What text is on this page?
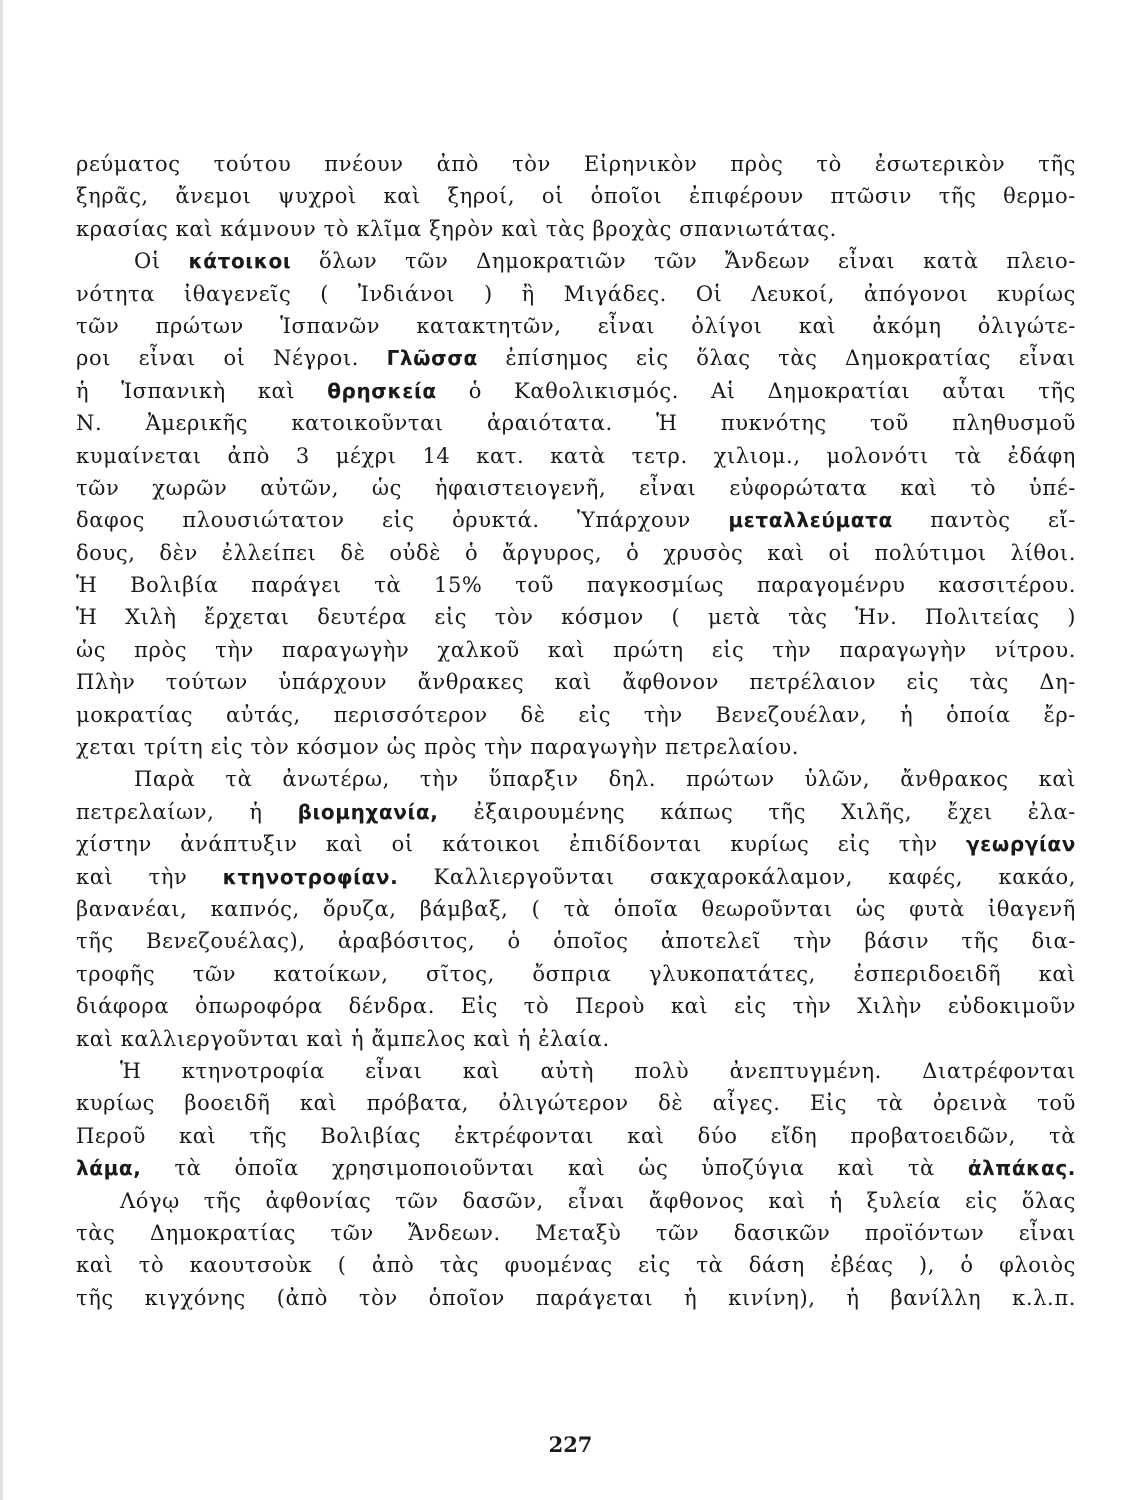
ρεύματος τούτου πνέουν ἀπὸ τὸν Εἰρηνικὸν πρὸς τὸ ἐσωτερικὸν τῆς
ξηρᾶς, ἄνεμοι ψυχροὶ καὶ ξηροί, οἱ ὁποῖοι ἐπιφέρουν πτῶσιν τῆς θερμο-
κρασίας καὶ κάμνουν τὸ κλῖμα ξηρὸν καὶ τὰς βροχὰς σπανιωτάτας.
Οἱ κάτοικοι ὅλων τῶν Δημοκρατιῶν τῶν Ἄνδεων εἶναι κατὰ πλειο-
νότητα ἰθαγενεῖς ( Ἰνδιάνοι ) ἢ Μιγάδες. Οἱ Λευκοί, ἀπόγονοι κυρίως
τῶν πρώτων Ἱσπανῶν κατακτητῶν, εἶναι ὀλίγοι καὶ ἀκόμη ὀλιγώτε-
ροι εἶναι οἱ Νέγροι. Γλῶσσα ἐπίσημος εἰς ὅλας τὰς Δημοκρατίας εἶναι
ἡ Ἱσπανικὴ καὶ θρησκεία ὁ Καθολικισμός. Αἱ Δημοκρατίαι αὗται τῆς
Ν. Ἀμερικῆς κατοικοῦνται ἀραιότατα. Ἡ πυκνότης τοῦ πληθυσμοῦ
κυμαίνεται ἀπὸ 3 μέχρι 14 κατ. κατὰ τετρ. χιλιομ., μολονότι τὰ ἐδάφη
τῶν χωρῶν αὐτῶν, ὡς ἡφαιστειογενῆ, εἶναι εὐφορώτατα καὶ τὸ ὑπέ-
δαφος πλουσιώτατον εἰς ὀρυκτά. Ὑπάρχουν μεταλλεύματα παντὸς εἴ-
δους, δὲν ἐλλείπει δὲ οὐδὲ ὁ ἄργυρος, ὁ χρυσὸς καὶ οἱ πολύτιμοι λίθοι.
Ἡ Βολιβία παράγει τὰ 15% τοῦ παγκοσμίως παραγομένρυ κασσιτέρου.
Ἡ Χιλὴ ἔρχεται δευτέρα εἰς τὸν κόσμον ( μετὰ τὰς Ἡν. Πολιτείας )
ὡς πρὸς τὴν παραγωγὴν χαλκοῦ καὶ πρώτη εἰς τὴν παραγωγὴν νίτρου.
Πλὴν τούτων ὑπάρχουν ἄνθρακες καὶ ἄφθονον πετρέλαιον εἰς τὰς Δη-
μοκρατίας αὐτάς, περισσότερον δὲ εἰς τὴν Βενεζουέλαν, ἡ ὁποία ἔρ-
χεται τρίτη εἰς τὸν κόσμον ὡς πρὸς τὴν παραγωγὴν πετρελαίου.
Παρὰ τὰ ἀνωτέρω, τὴν ὕπαρξιν δηλ. πρώτων ὑλῶν, ἄνθρακος καὶ
πετρελαίων, ἡ βιομηχανία, ἐξαιρουμένης κάπως τῆς Χιλῆς, ἔχει ἐλα-
χίστην ἀνάπτυξιν καὶ οἱ κάτοικοι ἐπιδίδονται κυρίως εἰς τὴν γεωργίαν
καὶ τὴν κτηνοτροφίαν. Καλλιεργοῦνται σακχαροκάλαμον, καφές, κακάο,
βανανέαι, καπνός, ὄρυζα, βάμβαξ, ( τὰ ὁποῖα θεωροῦνται ὡς φυτὰ ἰθαγενῆ
τῆς Βενεζουέλας), ἀραβόσιτος, ὁ ὁποῖος ἀποτελεῖ τὴν βάσιν τῆς δια-
τροφῆς τῶν κατοίκων, σῖτος, ὄσπρια γλυκοπατάτες, ἐσπεριδοειδῆ καὶ
διάφορα ὀπωροφόρα δένδρα. Εἰς τὸ Περοὺ καὶ εἰς τὴν Χιλὴν εὐδοκιμοῦν
καὶ καλλιεργοῦνται καὶ ἡ ἄμπελος καὶ ἡ ἐλαία.
Ἡ κτηνοτροφία εἶναι καὶ αὐτὴ πολὺ ἀνεπτυγμένη. Διατρέφονται
κυρίως βοοειδῆ καὶ πρόβατα, ὀλιγώτερον δὲ αἶγες. Εἰς τὰ ὀρεινὰ τοῦ
Περοῦ καὶ τῆς Βολιβίας ἐκτρέφονται καὶ δύο εἴδη προβατοειδῶν, τὰ
λάμα, τὰ ὁποῖα χρησιμοποιοῦνται καὶ ὡς ὑποζύγια καὶ τὰ ἀλπάκας.
Λόγῳ τῆς ἀφθονίας τῶν δασῶν, εἶναι ἄφθονος καὶ ἡ ξυλεία εἰς ὅλας
τὰς Δημοκρατίας τῶν Ἄνδεων. Μεταξὺ τῶν δασικῶν προϊόντων εἶναι
καὶ τὸ καουτσοὺκ ( ἀπὸ τὰς φυομένας εἰς τὰ δάση ἐβέας ), ὁ φλοιὸς
τῆς κιγχόνης (ἀπὸ τὸν ὁποῖον παράγεται ἡ κινίνη), ἡ βανίλλη κ.λ.π.
227
